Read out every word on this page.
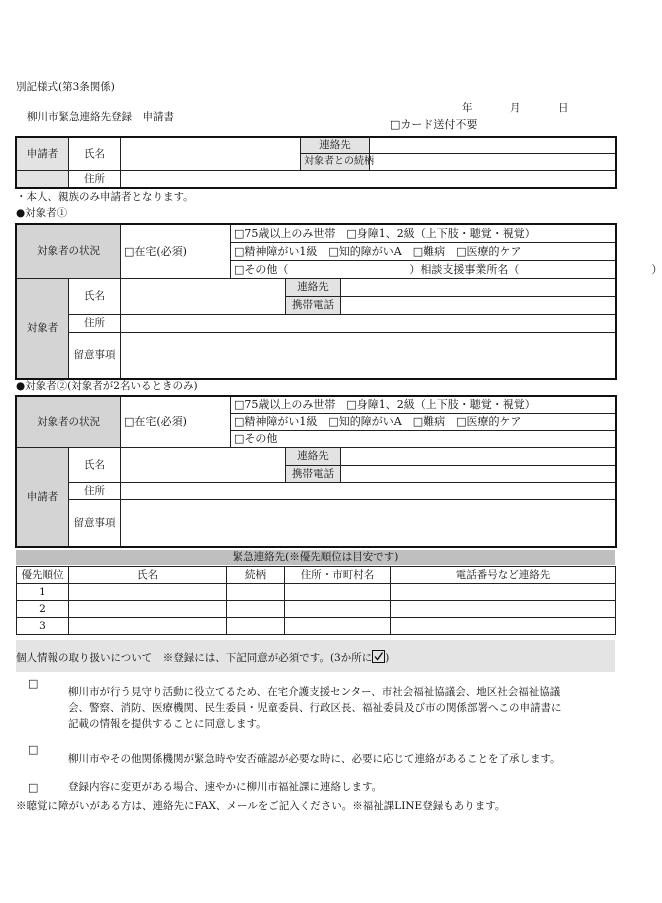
別記様式(第3条関係)
柳川市緊急連絡先登録　申請書
年	月	日
□カード送付不要
申請者	氏名		連絡先	
			対象者との続柄	
	住所			
・本人、親族のみ申請者となります。
●対象者①
対象者の状況		□在宅(必須)	□75歳以上のみ世帯　□身障1、2級（上下肢・聴覚・視覚）		
			□精神障がい1級　□知的障がいA　□難病　□医療的ケア		
			□その他（　　　　　　　　　　　）相談支援事業所名（　　　　　　　　　　　　）		
対象者	氏名			連絡先	
				携帯電話	
	住所				
	留意事項				
●対象者②(対象者が2名いるときのみ)
対象者の状況		□在宅(必須)	□75歳以上のみ世帯　□身障1、2級（上下肢・聴覚・視覚）		
			□精神障がい1級　□知的障がいA　□難病　□医療的ケア		
			□その他		
申請者	氏名			連絡先	
				携帯電話	
	住所				
	留意事項				
緊急連絡先(※優先順位は目安です)
優先順位	氏名	続柄	住所・市町村名	電話番号など連絡先
1				
2				
3				
個人情報の取り扱いについて　※登録には、下記同意が必須です。(3か所に )
□
柳川市が行う見守り活動に役立てるため、在宅介護支援センター、市社会福祉協議会、地区社会福祉協議
会、警察、消防、医療機関、民生委員・児童委員、行政区長、福祉委員及び市の関係部署へこの申請書に
記載の情報を提供することに同意します。
□
柳川市やその他関係機関が緊急時や安否確認が必要な時に、必要に応じて連絡があることを了承します。
□	登録内容に変更がある場合、速やかに柳川市福祉課に連絡します。
※聴覚に障がいがある方は、連絡先にFAX、メールをご記入ください。※福祉課LINE登録もあります。
